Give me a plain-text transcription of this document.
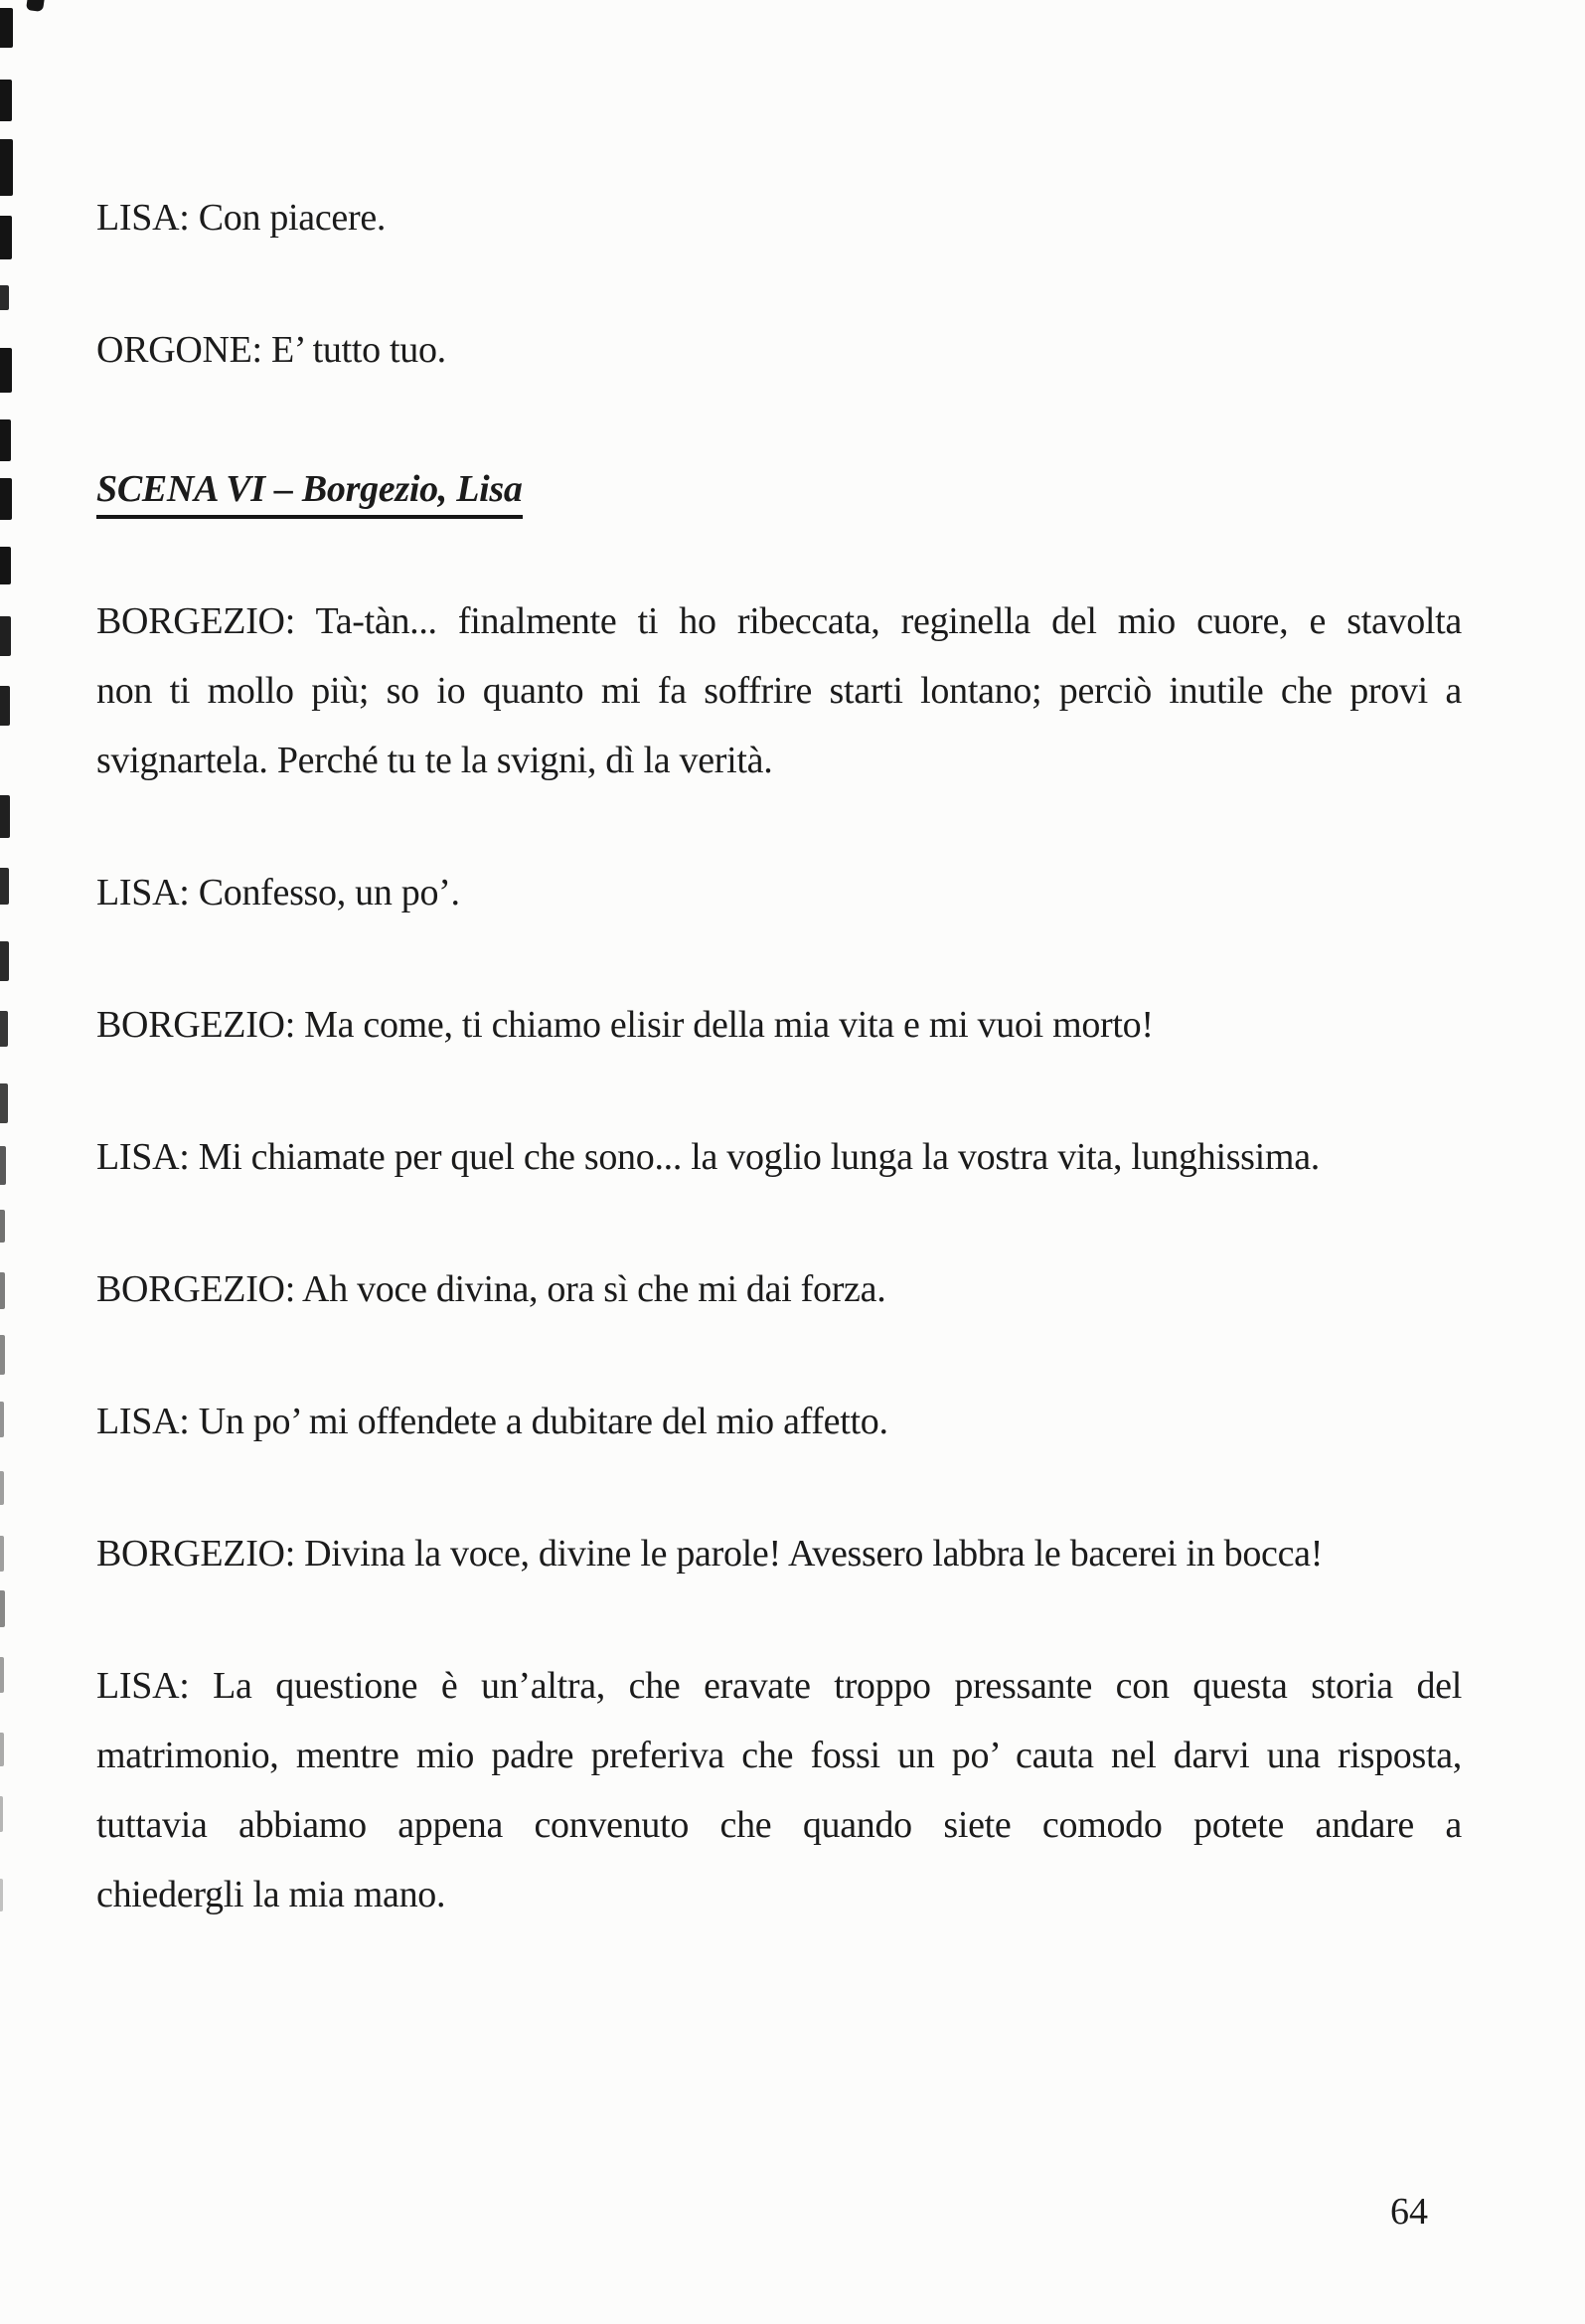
LISA: Con piacere.

ORGONE: E’ tutto tuo.

SCENA VI – Borgezio, Lisa

BORGEZIO: Ta-tàn... finalmente ti ho ribeccata, reginella del mio cuore, e stavolta
non ti mollo più; so io quanto mi fa soffrire starti lontano; perciò inutile che provi a
svignartela. Perché tu te la svigni, dì la verità.

LISA: Confesso, un po’.

BORGEZIO: Ma come, ti chiamo elisir della mia vita e mi vuoi morto!

LISA: Mi chiamate per quel che sono... la voglio lunga la vostra vita, lunghissima.

BORGEZIO: Ah voce divina, ora sì che mi dai forza.

LISA: Un po’ mi offendete a dubitare del mio affetto.

BORGEZIO: Divina la voce, divine le parole! Avessero labbra le bacerei in bocca!

LISA: La questione è un’altra, che eravate troppo pressante con questa storia del
matrimonio, mentre mio padre preferiva che fossi un po’ cauta nel darvi una risposta,
tuttavia abbiamo appena convenuto che quando siete comodo potete andare a
chiedergli la mia mano.

64
